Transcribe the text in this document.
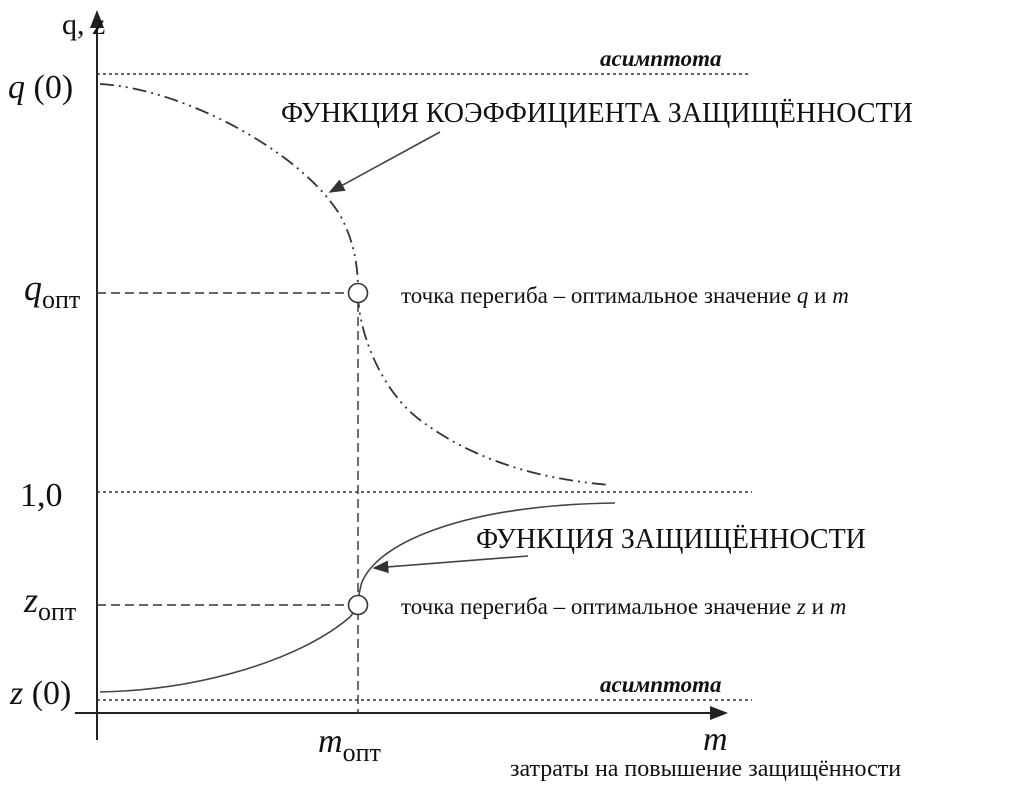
q, z
m
затраты на повышение защищённости
q (0)
$q_{опт}$
1,0
$z_{опт}$
z (0)
$m_{опт}$
асимптота
асимптота
ФУНКЦИЯ КОЭФФИЦИЕНТА ЗАЩИЩЁННОСТИ
ФУНКЦИЯ ЗАЩИЩЁННОСТИ
точка перегиба – оптимальное значение q и m
точка перегиба – оптимальное значение z и m
